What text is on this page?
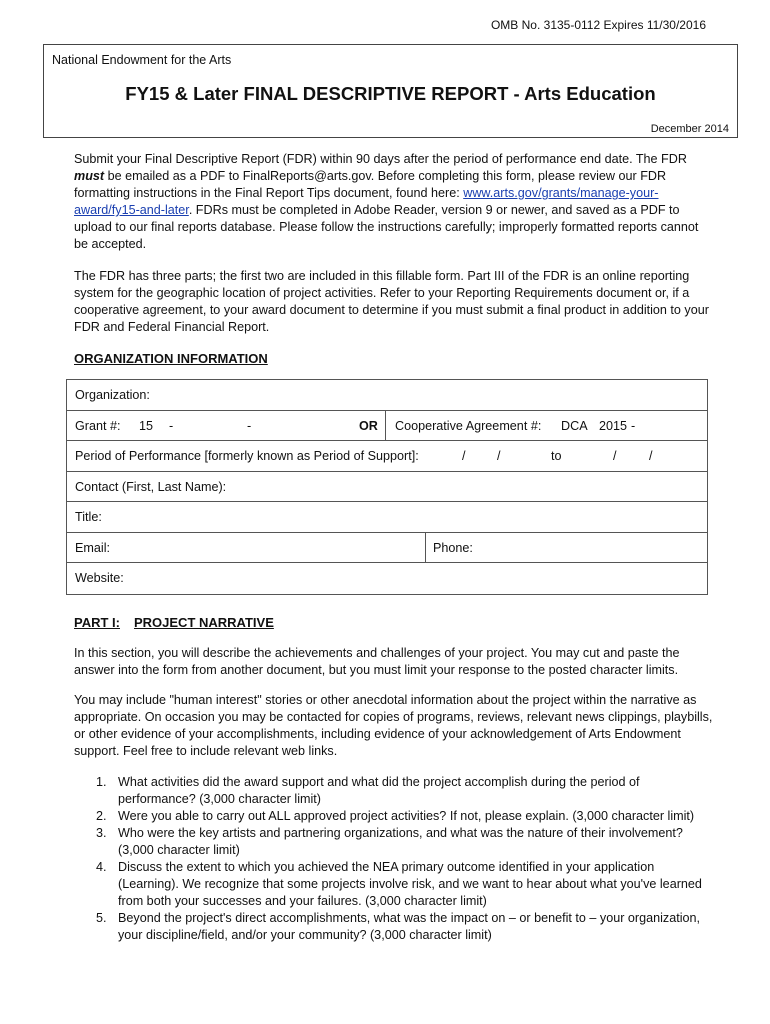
OMB No. 3135-0112 Expires 11/30/2016
National Endowment for the Arts
FY15 & Later FINAL DESCRIPTIVE REPORT - Arts Education
December 2014

Submit your Final Descriptive Report (FDR) within 90 days after the period of performance end date. The FDR must be emailed as a PDF to FinalReports@arts.gov. Before completing this form, please review our FDR formatting instructions in the Final Report Tips document, found here: www.arts.gov/grants/manage-your-award/fy15-and-later. FDRs must be completed in Adobe Reader, version 9 or newer, and saved as a PDF to upload to our final reports database. Please follow the instructions carefully; improperly formatted reports cannot be accepted.

The FDR has three parts; the first two are included in this fillable form. Part III of the FDR is an online reporting system for the geographic location of project activities. Refer to your Reporting Requirements document or, if a cooperative agreement, to your award document to determine if you must submit a final product in addition to your FDR and Federal Financial Report.

ORGANIZATION INFORMATION
Organization:
Grant #: 15 -	-	OR Cooperative Agreement #: DCA 2015 -
Period of Performance [formerly known as Period of Support]:	/	/	to	/	/
Contact (First, Last Name):
Title:
Email:	Phone:
Website:
PART I: PROJECT NARRATIVE

In this section, you will describe the achievements and challenges of your project. You may cut and paste the answer into the form from another document, but you must limit your response to the posted character limits.

You may include "human interest" stories or other anecdotal information about the project within the narrative as appropriate. On occasion you may be contacted for copies of programs, reviews, relevant news clippings, playbills, or other evidence of your accomplishments, including evidence of your acknowledgement of Arts Endowment support. Feel free to include relevant web links.

1. What activities did the award support and what did the project accomplish during the period of performance? (3,000 character limit)

2. Were you able to carry out ALL approved project activities? If not, please explain. (3,000 character limit)

3. Who were the key artists and partnering organizations, and what was the nature of their involvement? (3,000 character limit)

4. Discuss the extent to which you achieved the NEA primary outcome identified in your application (Learning). We recognize that some projects involve risk, and we want to hear about what you've learned from both your successes and your failures. (3,000 character limit)

5. Beyond the project's direct accomplishments, what was the impact on – or benefit to – your organization, your discipline/field, and/or your community? (3,000 character limit)
